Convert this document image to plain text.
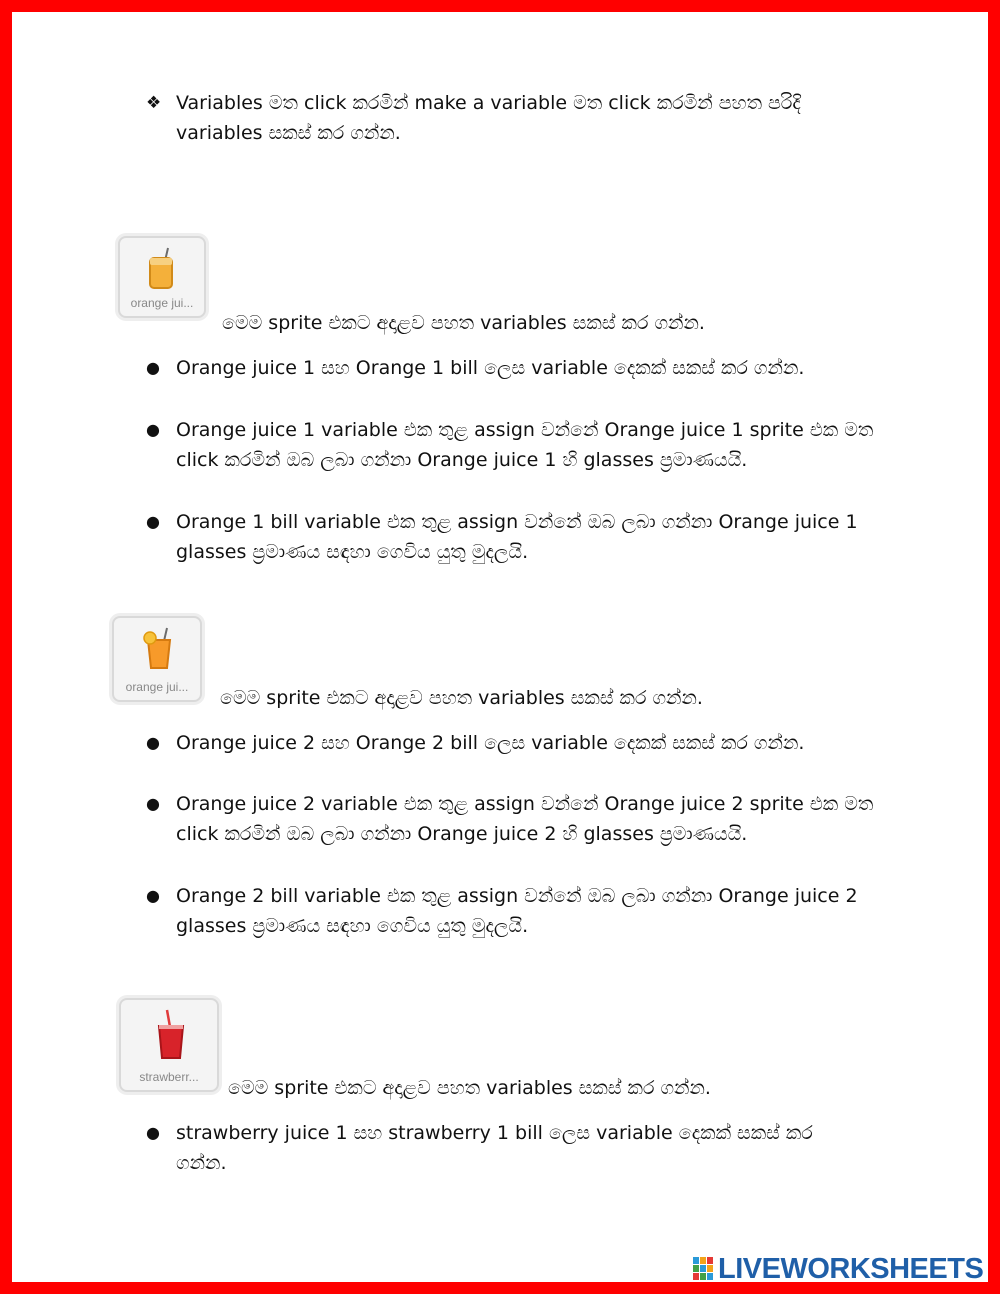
❖ Variables මත click කරමින් make a variable මත click කරමින් පහත පරිදි
variables සකස් කර ගන්න.
orange jui...
මෙම sprite එකට අදාළව පහත variables සකස් කර ගන්න.
● Orange juice 1 සහ Orange 1 bill ලෙස variable දෙකක් සකස් කර ගන්න.
● Orange juice 1 variable එක තුළ assign වන්නේ Orange juice 1 sprite එක මත
click කරමින් ඔබ ලබා ගන්නා Orange juice 1 හි glasses ප්‍රමාණයයි.
● Orange 1 bill variable එක තුළ assign වන්නේ ඔබ ලබා ගන්නා Orange juice 1
glasses ප්‍රමාණය සඳහා ගෙවිය යුතු මුදලයි.
orange jui...	මෙම sprite එකට අදාළව පහත variables සකස් කර ගන්න.
● Orange juice 2 සහ Orange 2 bill ලෙස variable දෙකක් සකස් කර ගන්න.
● Orange juice 2 variable එක තුළ assign වන්නේ Orange juice 2 sprite එක මත
click කරමින් ඔබ ලබා ගන්නා Orange juice 2 හි glasses ප්‍රමාණයයි.
● Orange 2 bill variable එක තුළ assign වන්නේ ඔබ ලබා ගන්නා Orange juice 2
glasses ප්‍රමාණය සඳහා ගෙවිය යුතු මුදලයි.
strawberr...	මෙම sprite එකට අදාළව පහත variables සකස් කර ගන්න.
● strawberry juice 1 සහ strawberry 1 bill ලෙස variable දෙකක් සකස් කර
ගන්න.
LIVEWORKSHEETS
